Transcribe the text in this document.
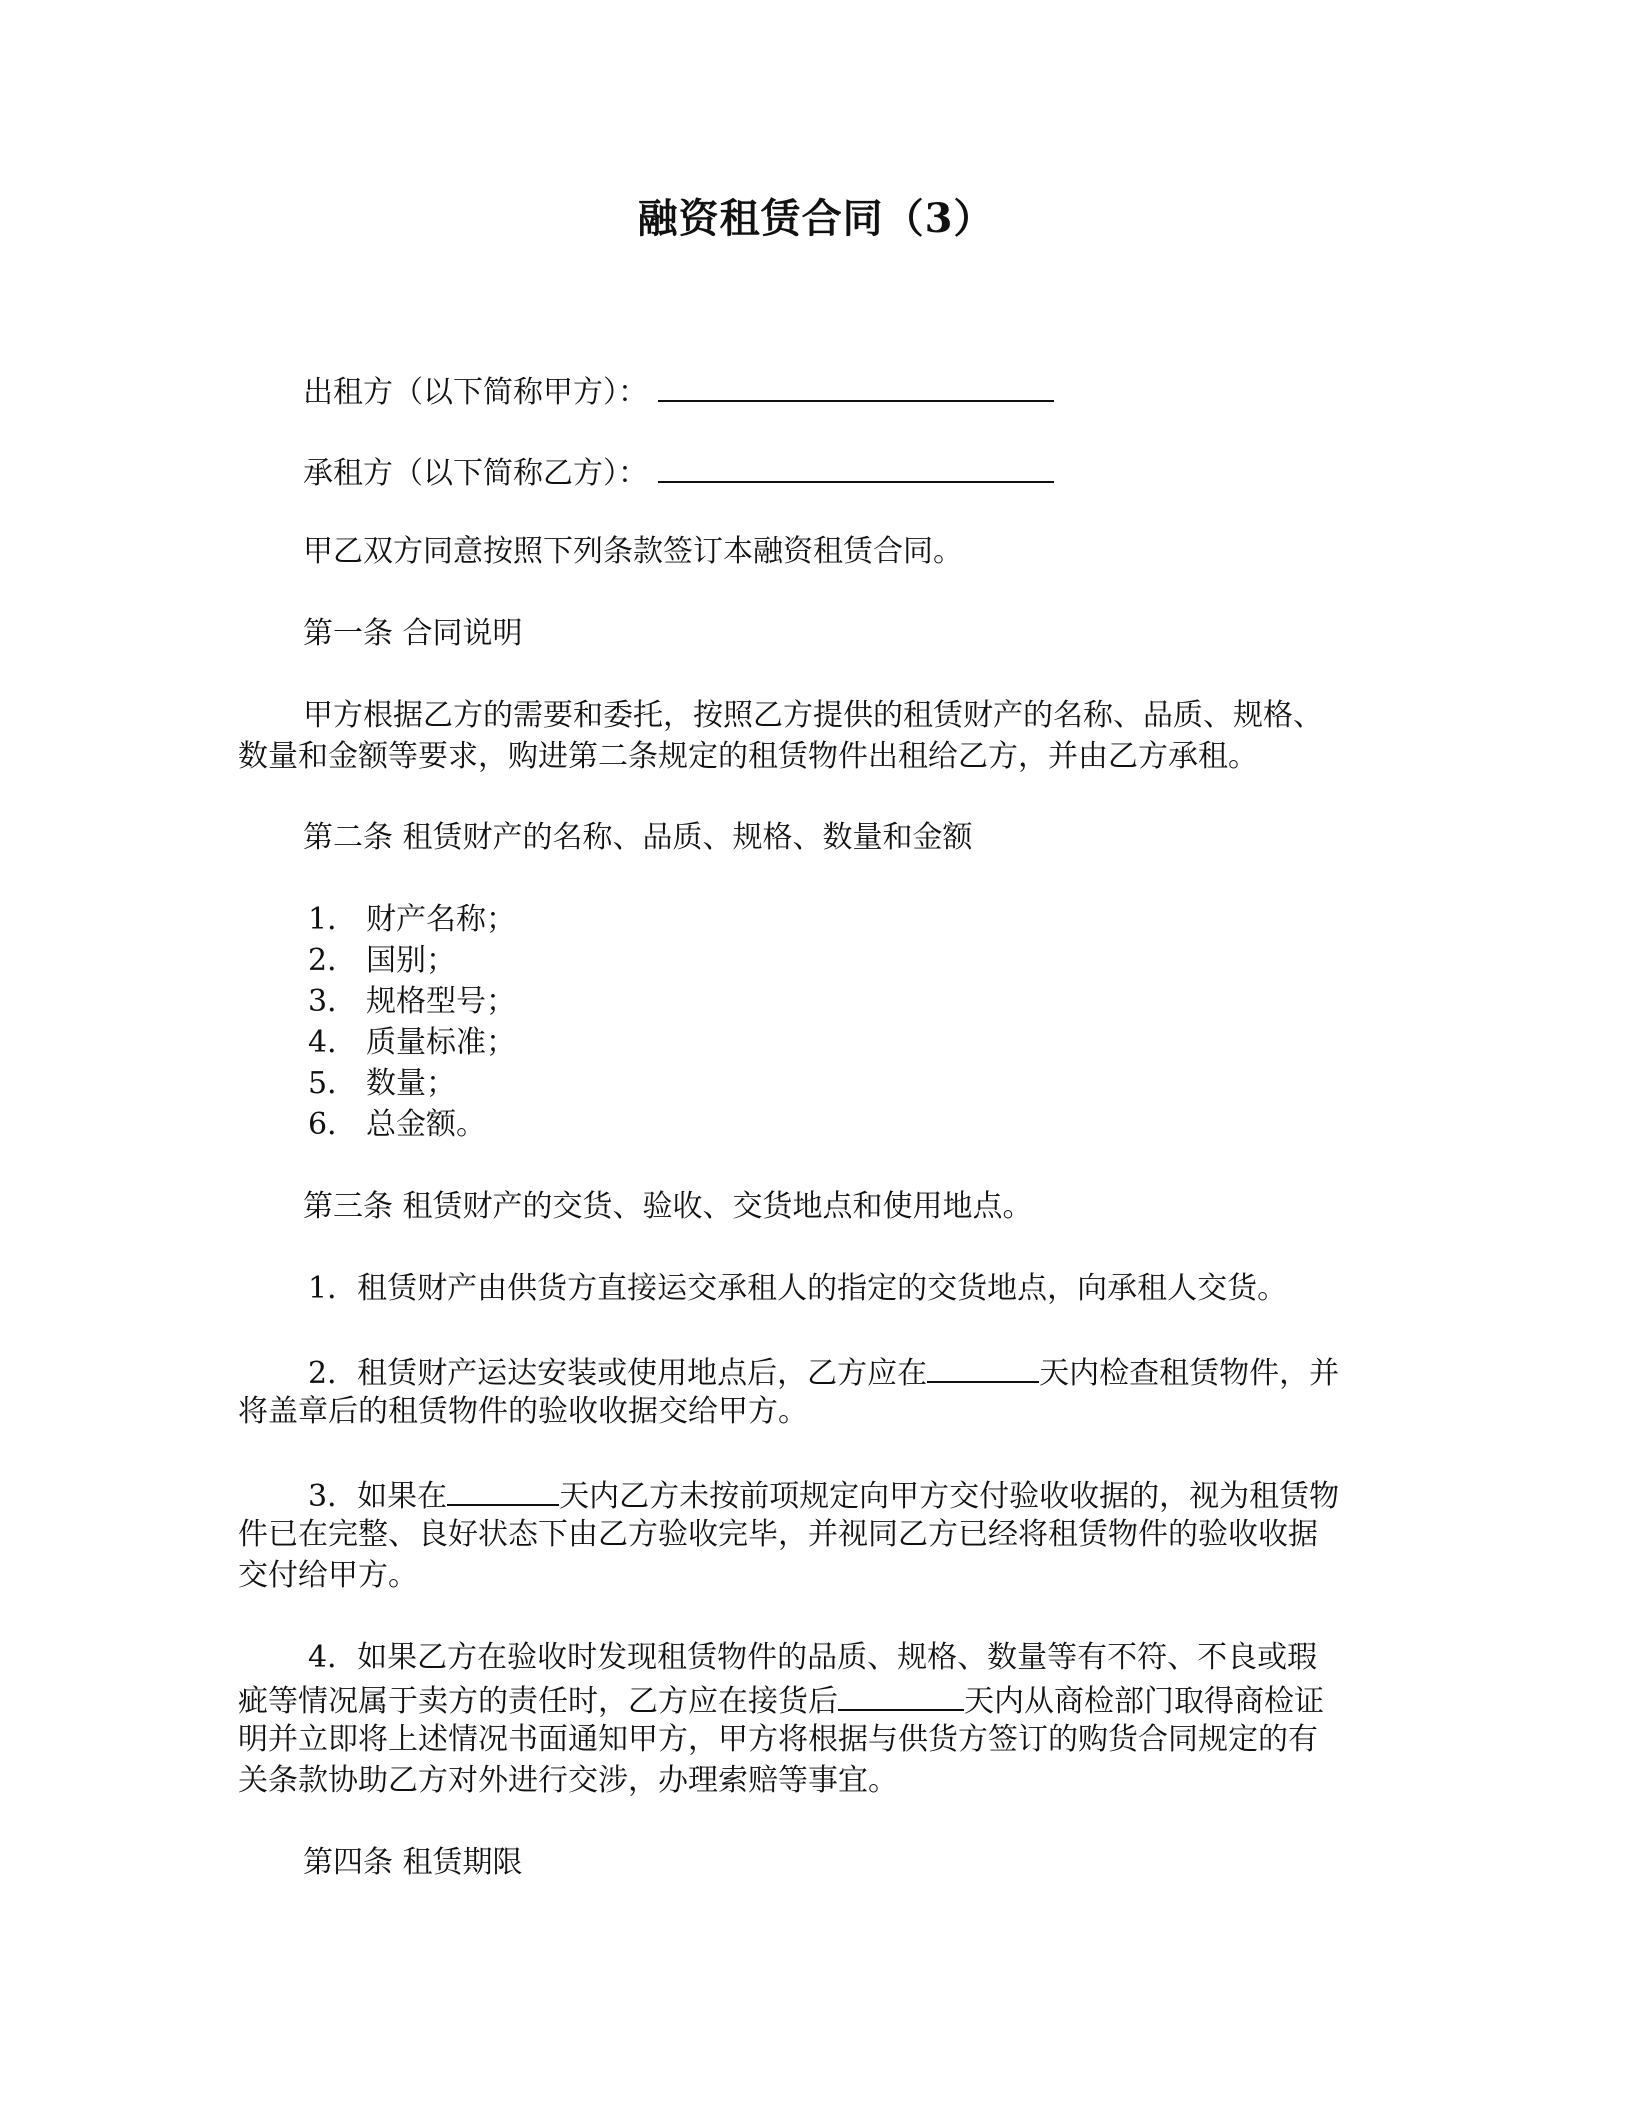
融资租赁合同（3）
出租方（以下简称甲方）：
承租方（以下简称乙方）：
甲乙双方同意按照下列条款签订本融资租赁合同。
第一条 合同说明
甲方根据乙方的需要和委托，按照乙方提供的租赁财产的名称、品质、规格、
数量和金额等要求，购进第二条规定的租赁物件出租给乙方，并由乙方承租。
第二条 租赁财产的名称、品质、规格、数量和金额
1． 财产名称；
2． 国别；
3． 规格型号；
4． 质量标准；
5． 数量；
6． 总金额。
第三条 租赁财产的交货、验收、交货地点和使用地点。
1．租赁财产由供货方直接运交承租人的指定的交货地点，向承租人交货。
2．租赁财产运达安装或使用地点后，乙方应在	天内检查租赁物件，并
将盖章后的租赁物件的验收收据交给甲方。
3．如果在	天内乙方未按前项规定向甲方交付验收收据的，视为租赁物
件已在完整、良好状态下由乙方验收完毕，并视同乙方已经将租赁物件的验收收据
交付给甲方。
4．如果乙方在验收时发现租赁物件的品质、规格、数量等有不符、不良或瑕
疵等情况属于卖方的责任时，乙方应在接货后	天内从商检部门取得商检证
明并立即将上述情况书面通知甲方，甲方将根据与供货方签订的购货合同规定的有
关条款协助乙方对外进行交涉，办理索赔等事宜。
第四条 租赁期限
